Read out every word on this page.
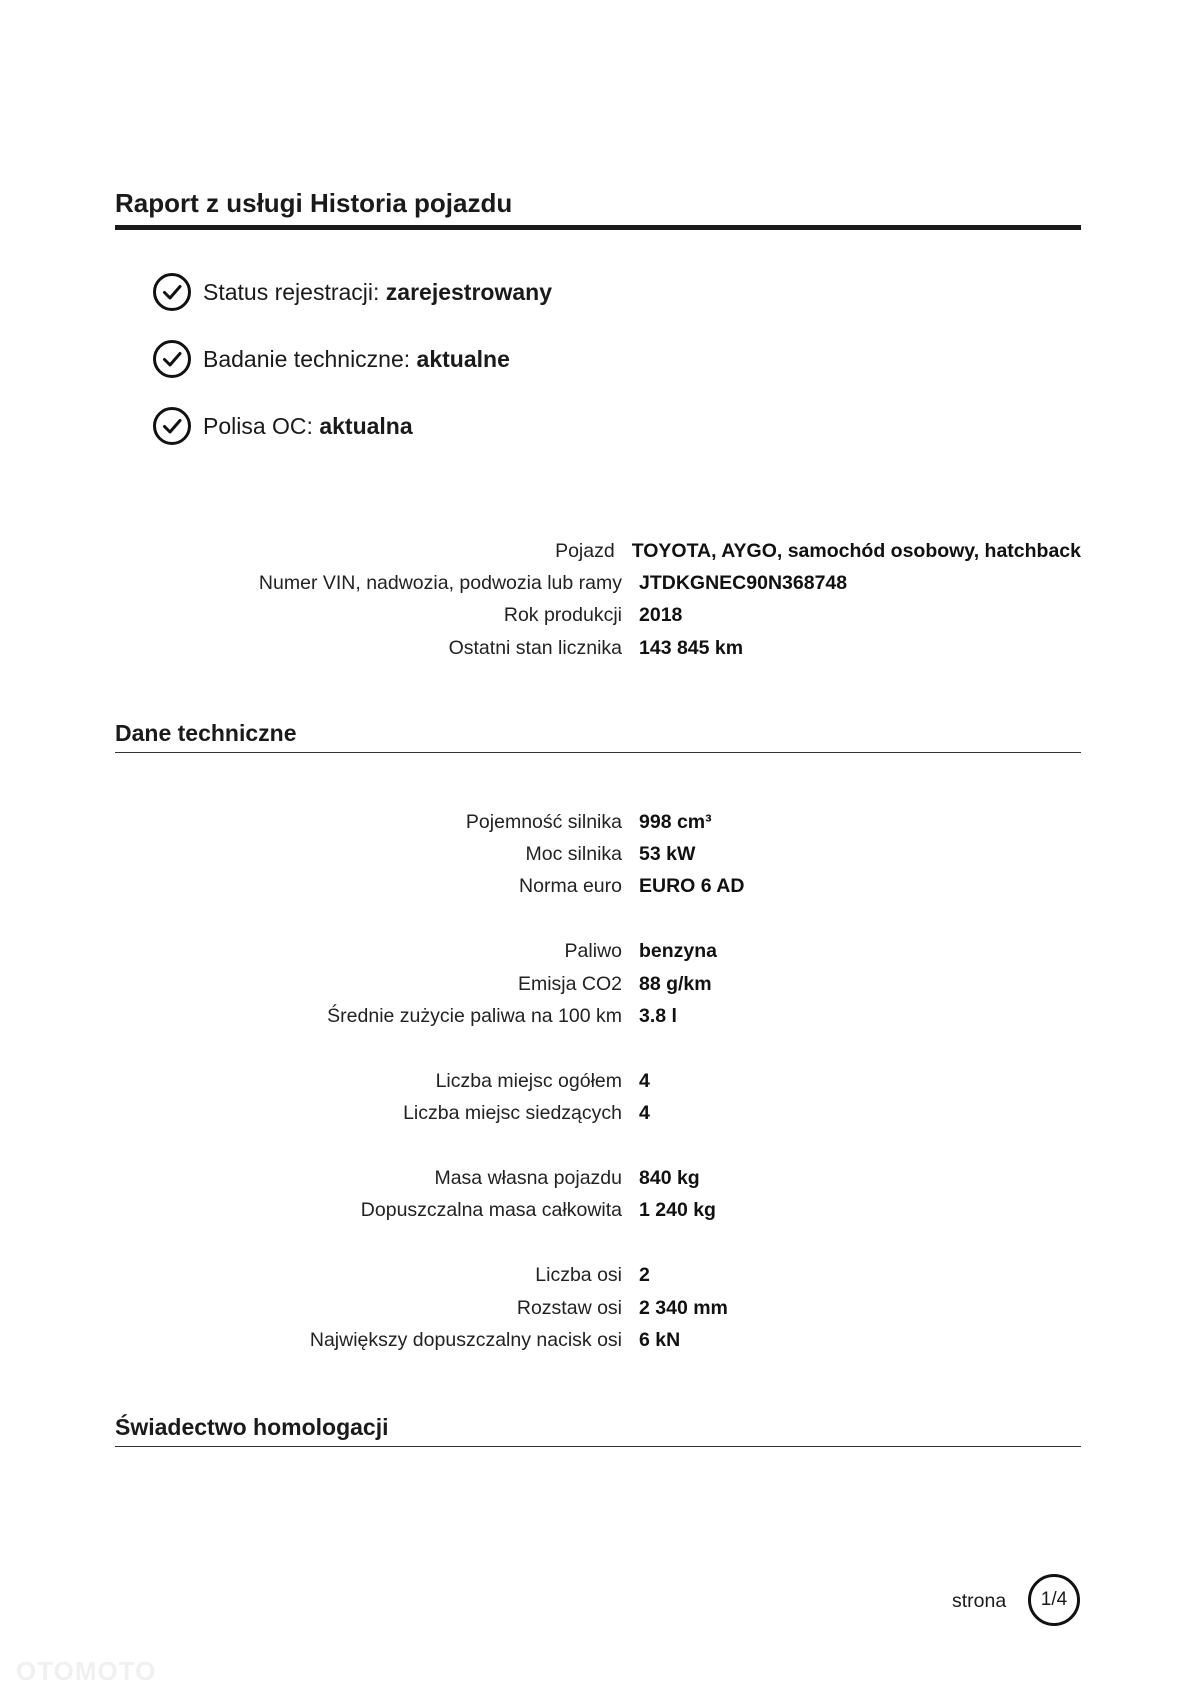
Raport z usługi Historia pojazdu
Status rejestracji: zarejestrowany
Badanie techniczne: aktualne
Polisa OC: aktualna
Pojazd TOYOTA, AYGO, samochód osobowy, hatchback
Numer VIN, nadwozia, podwozia lub ramy JTDKGNEC90N368748
Rok produkcji 2018
Ostatni stan licznika 143 845 km
Dane techniczne
Pojemność silnika 998 cm³
Moc silnika 53 kW
Norma euro EURO 6 AD
Paliwo benzyna
Emisja CO2 88 g/km
Średnie zużycie paliwa na 100 km 3.8 l
Liczba miejsc ogółem 4
Liczba miejsc siedzących 4
Masa własna pojazdu 840 kg
Dopuszczalna masa całkowita 1 240 kg
Liczba osi 2
Rozstaw osi 2 340 mm
Największy dopuszczalny nacisk osi 6 kN
Świadectwo homologacji
strona 1/4
OTOMOTO
